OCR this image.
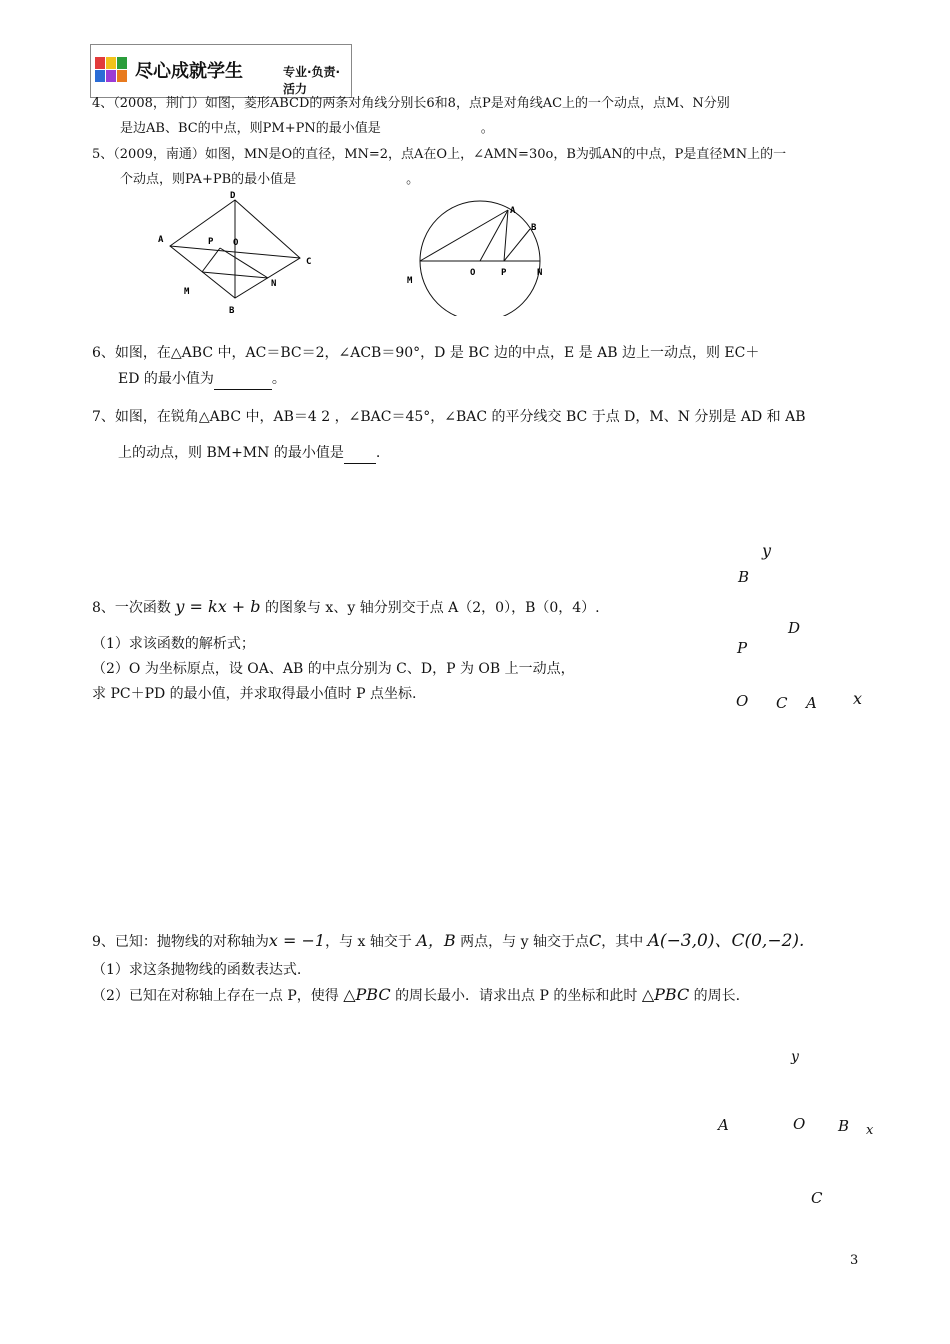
尽心成就学生	专业·负责·活力
4、（2008，荆门）如图，菱形ABCD的两条对角线分别长6和8，点P是对角线AC上的一个动点，点M、N分别
是边AB、BC的中点，则PM+PN的最小值是	。
5、（2009，南通）如图，MN是O的直径，MN=2，点A在O上，∠AMN=30o，B为弧AN的中点，P是直径MN上的一
个动点，则PA+PB的最小值是	。
A
D
C
B
P O
M
N
A
B
M
O	P	N
6、如图，在△ABC 中，AC＝BC＝2，∠ACB＝90°，D 是 BC 边的中点，E 是 AB 边上一动点，则 EC＋
ED 的最小值为	。
7、如图，在锐角△ABC 中，AB＝4 2 ，∠BAC＝45°，∠BAC 的平分线交 BC 于点 D，M、N 分别是 AD 和 AB
上的动点，则 BM+MN 的最小值是 .
8、一次函数 y = kx + b 的图象与 x、y 轴分别交于点 A（2，0），B（0，4）.
（1）求该函数的解析式；
（2）O 为坐标原点，设 OA、AB 的中点分别为 C、D，P 为 OB 上一动点，
求 PC＋PD 的最小值，并求取得最小值时 P 点坐标.
y
B
D
P
O C A x
9、已知：抛物线的对称轴为x = −1，与 x 轴交于 A，B 两点，与 y 轴交于点C，其中 A(−3,0)、C(0,−2).
（1）求这条抛物线的函数表达式.
（2）已知在对称轴上存在一点 P，使得 △PBC 的周长最小．请求出点 P 的坐标和此时 △PBC 的周长.
y
A	O B x
C
3
